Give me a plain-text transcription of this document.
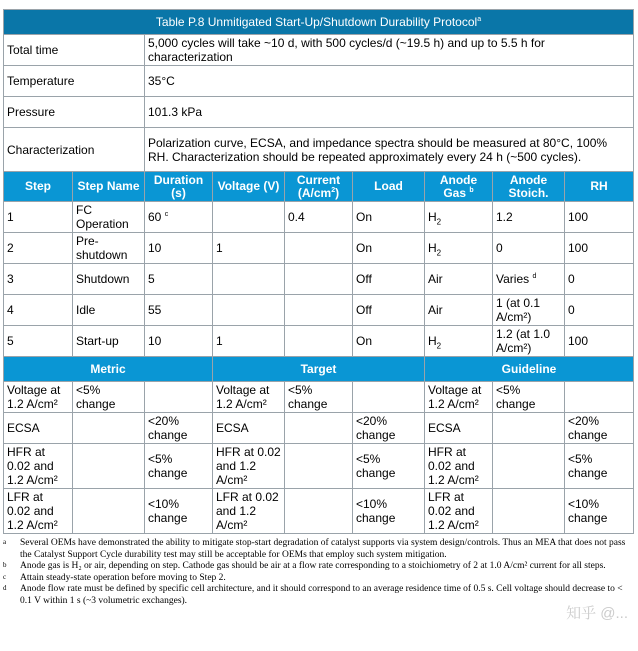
Table P.8 Unmitigated Start-Up/Shutdown Durability Protocol$^a$
Total time		5,000 cycles will take ~10 d, with 500 cycles/d (~19.5 h) and up to 5.5 h for characterization						
Temperature		35°C						
Pressure		101.3 kPa						
Characterization		Polarization curve, ECSA, and impedance spectra should be measured at 80°C, 100% RH. Characterization should be repeated approximately every 24 h (~500 cycles).						
Step	Step Name	Duration (s)	Voltage (V)	Current $(A/cm^2)$	Load	Anode Gas $^b$	Anode Stoich.	RH
1	FC Operation	60 $^c$		0.4	On	$H_2$	1.2	100
2	Pre-shutdown	10	1		On	$H_2$	0	100
3	Shutdown	5			Off	Air	Varies $^d$	0
4	Idle	55			Off	Air	1 (at 0.1 A/cm²)	0
5	Start-up	10	1		On	$H_2$	1.2 (at 1.0 A/cm²)	100
Metric			Target			Guideline		
Voltage at 1.2 A/cm²	<5% change		Voltage at 1.2 A/cm²	<5% change		Voltage at 1.2 A/cm²	<5% change	
ECSA		<20% change	ECSA		<20% change	ECSA		<20% change
HFR at 0.02 and 1.2 A/cm²		<5% change	HFR at 0.02 and 1.2 A/cm²		<5% change	HFR at 0.02 and 1.2 A/cm²		<5% change
LFR at 0.02 and 1.2 A/cm²		<10% change	LFR at 0.02 and 1.2 A/cm²		<10% change	LFR at 0.02 and 1.2 A/cm²		<10% change
a	Several OEMs have demonstrated the ability to mitigate stop-start degradation of catalyst supports via system design/controls. Thus an MEA that does not pass the Catalyst Support Cycle durability test may still be acceptable for OEMs that employ such system mitigation.
b	Anode gas is H₂ or air, depending on step. Cathode gas should be air at a flow rate corresponding to a stoichiometry of 2 at 1.0 A/cm² current for all steps.
c	Attain steady-state operation before moving to Step 2.
d	Anode flow rate must be defined by specific cell architecture, and it should correspond to an average residence time of 0.5 s. Cell voltage should decrease to < 0.1 V within 1 s (~3 volumetric exchanges).
知乎 @...
